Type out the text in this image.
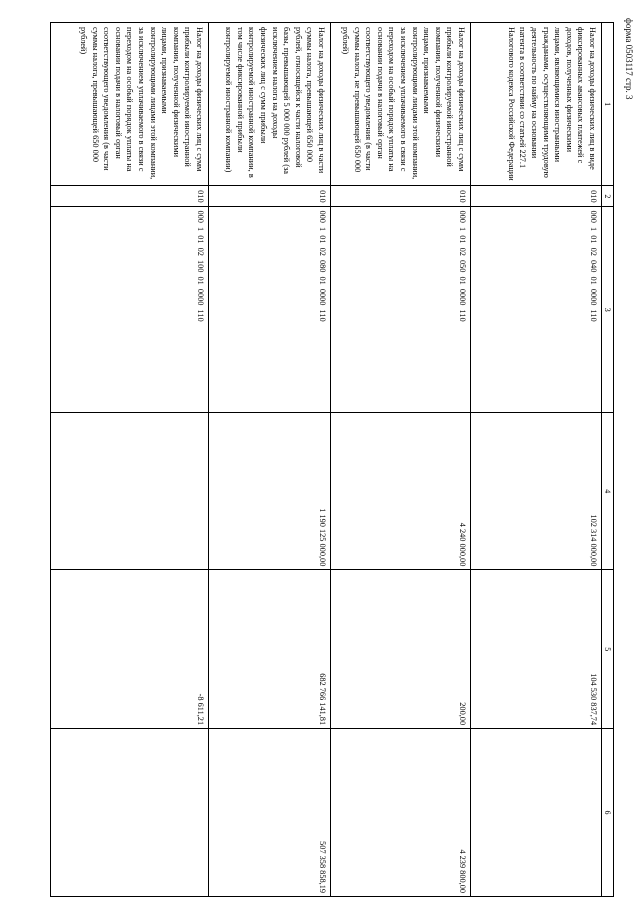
форма 0503117 стр. 3
1	2	3	4	5	6
Налог на доходы физических лиц в виде фиксированных авансовых платежей с доходов, полученных физическими лицами, являющимися иностранными гражданами, осуществляющими трудовую деятельность по найму на основании патента в соответствии со статьей 227.1 Налогового кодекса Российской Федерации	010	000 1 01 02 040 01 0000 110	102 314 000,00	104 530 837,74	

Налог на доходы физических лиц с сумм прибыли контролируемой иностранной компании, полученной физическими лицами, признаваемыми контролирующими лицами этой компании, за исключением уплачиваемого в связи с переходом на особый порядок уплаты на основании подачи в налоговый орган соответствующего уведомления (в части суммы налога, не превышающей 650 000 рублей)	010	000 1 01 02 050 01 0000 110	4 240 000,00	200,00	4 239 800,00

Налог на доходы физических лиц в части суммы налога, превышающей 650 000 рублей, относящейся к части налоговой базы, превышающей 5 000 000 рублей (за исключением налога на доходы физических лиц с сумм прибыли контролируемой иностранной компании, в том числе фиксированной прибыли контролируемой иностранной компании)	010	000 1 01 02 080 01 0000 110	1 190 125 000,00	682 766 141,81	507 358 858,19

Налог на доходы физических лиц с сумм прибыли контролируемой иностранной компании, полученной физическими лицами, признаваемыми контролирующими лицами этой компании, за исключением уплачиваемого в связи с переходом на особый порядок уплаты на основании подачи в налоговый орган соответствующего уведомления (в части суммы налога, превышающей 650 000 рублей)	010	000 1 01 02 100 01 0000 110		-8 611,21	
